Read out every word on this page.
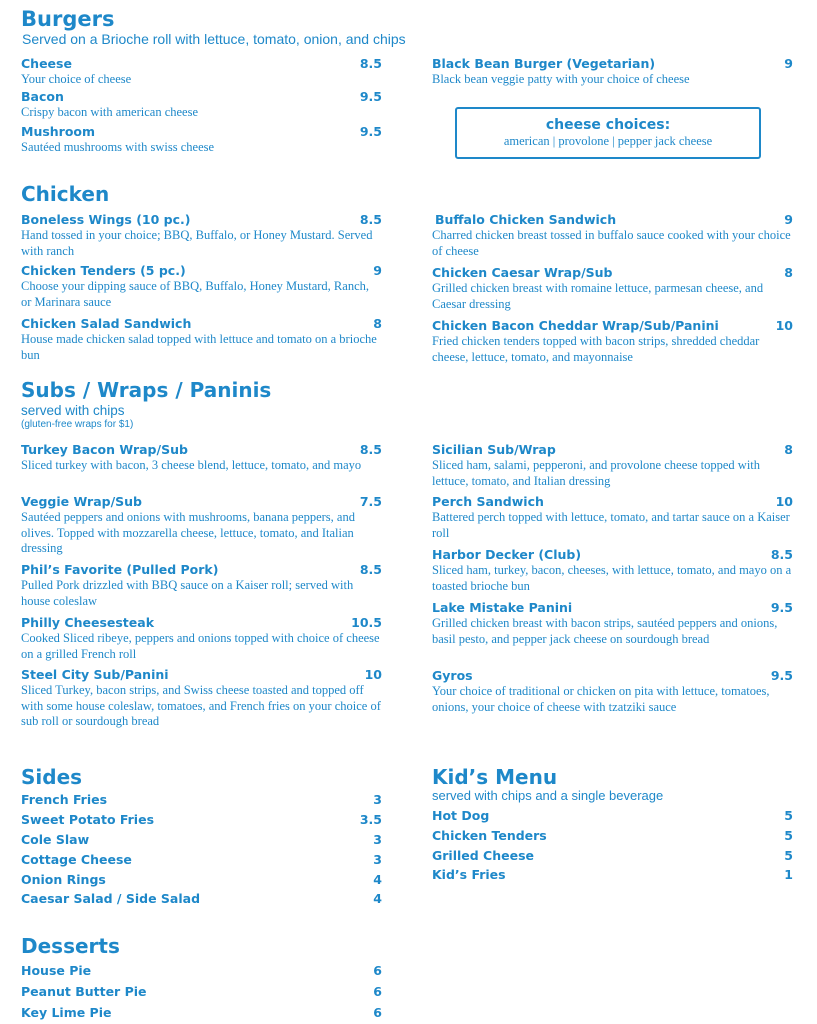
Burgers
Served on a Brioche roll with lettuce, tomato, onion, and chips
Cheese	8.5
Your choice of cheese
Bacon	9.5
Crispy bacon with american cheese
Mushroom	9.5
Sautéed mushrooms with swiss cheese
Black Bean Burger (Vegetarian)	9
Black bean veggie patty with your choice of cheese
cheese choices:
american | provolone | pepper jack cheese
Chicken
Boneless Wings (10 pc.)	8.5
Hand tossed in your choice; BBQ, Buffalo, or Honey Mustard. Served with ranch
Chicken Tenders (5 pc.)	9
Choose your dipping sauce of BBQ, Buffalo, Honey Mustard, Ranch, or Marinara sauce
Chicken Salad Sandwich	8
House made chicken salad topped with lettuce and tomato on a brioche bun
Buffalo Chicken Sandwich	9
Charred chicken breast tossed in buffalo sauce cooked with your choice of cheese
Chicken Caesar Wrap/Sub	8
Grilled chicken breast with romaine lettuce, parmesan cheese, and Caesar dressing
Chicken Bacon Cheddar Wrap/Sub/Panini	10
Fried chicken tenders topped with bacon strips, shredded cheddar cheese, lettuce, tomato, and mayonnaise
Subs / Wraps / Paninis
served with chips
(gluten-free wraps for $1)
Turkey Bacon Wrap/Sub	8.5
Sliced turkey with bacon, 3 cheese blend, lettuce, tomato, and mayo
Veggie Wrap/Sub	7.5
Sautéed peppers and onions with mushrooms, banana peppers, and olives. Topped with mozzarella cheese, lettuce, tomato, and Italian dressing
Phil’s Favorite (Pulled Pork)	8.5
Pulled Pork drizzled with BBQ sauce on a Kaiser roll; served with house coleslaw
Philly Cheesesteak	10.5
Cooked Sliced ribeye, peppers and onions topped with choice of cheese on a grilled French roll
Steel City Sub/Panini	10
Sliced Turkey, bacon strips, and Swiss cheese toasted and topped off with some house coleslaw, tomatoes, and French fries on your choice of sub roll or sourdough bread
Sicilian Sub/Wrap	8
Sliced ham, salami, pepperoni, and provolone cheese topped with lettuce, tomato, and Italian dressing
Perch Sandwich	10
Battered perch topped with lettuce, tomato, and tartar sauce on a Kaiser roll
Harbor Decker (Club)	8.5
Sliced ham, turkey, bacon, cheeses, with lettuce, tomato, and mayo on a toasted brioche bun
Lake Mistake Panini	9.5
Grilled chicken breast with bacon strips, sautéed peppers and onions, basil pesto, and pepper jack cheese on sourdough bread
Gyros	9.5
Your choice of traditional or chicken on pita with lettuce, tomatoes, onions, your choice of cheese with tzatziki sauce
Sides
French Fries	3
Sweet Potato Fries	3.5
Cole Slaw	3
Cottage Cheese	3
Onion Rings	4
Caesar Salad / Side Salad	4
Kid’s Menu
served with chips and a single beverage
Hot Dog	5
Chicken Tenders	5
Grilled Cheese	5
Kid’s Fries	1
Desserts
House Pie	6
Peanut Butter Pie	6
Key Lime Pie	6
